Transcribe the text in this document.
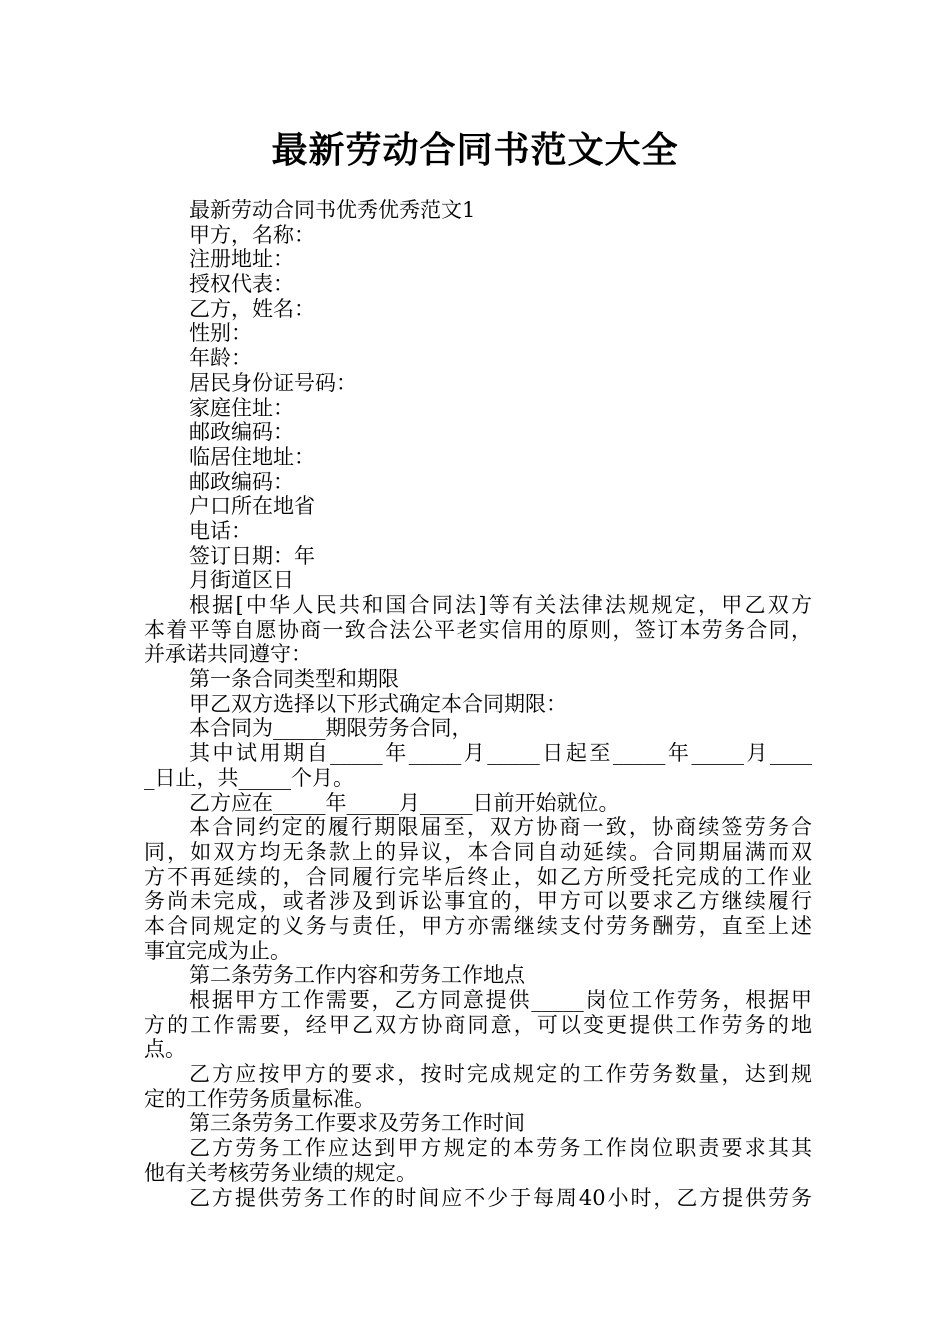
最新劳动合同书范文大全

最新劳动合同书优秀优秀范文1

甲方，名称：

注册地址：

授权代表：

乙方，姓名：

性别：

年龄：

居民身份证号码：

家庭住址：

邮政编码：

临居住地址：

邮政编码：

户口所在地省

电话：

签订日期：年

月街道区日

根据[中华人民共和国合同法]等有关法律法规规定，甲乙双方

本着平等自愿协商一致合法公平老实信用的原则，签订本劳务合同，

并承诺共同遵守：

第一条合同类型和期限

甲乙双方选择以下形式确定本合同期限：

本合同为_____期限劳务合同，

其中试用期自_____年_____月_____日起至_____年_____月____

_日止，共_____个月。

乙方应在_____年_____月_____日前开始就位。

本合同约定的履行期限届至，双方协商一致，协商续签劳务合

同，如双方均无条款上的异议，本合同自动延续。合同期届满而双

方不再延续的，合同履行完毕后终止，如乙方所受托完成的工作业

务尚未完成，或者涉及到诉讼事宜的，甲方可以要求乙方继续履行

本合同规定的义务与责任，甲方亦需继续支付劳务酬劳，直至上述

事宜完成为止。

第二条劳务工作内容和劳务工作地点

根据甲方工作需要，乙方同意提供_____岗位工作劳务，根据甲

方的工作需要，经甲乙双方协商同意，可以变更提供工作劳务的地

点。

乙方应按甲方的要求，按时完成规定的工作劳务数量，达到规

定的工作劳务质量标准。

第三条劳务工作要求及劳务工作时间

乙方劳务工作应达到甲方规定的本劳务工作岗位职责要求其其

他有关考核劳务业绩的规定。

乙方提供劳务工作的时间应不少于每周40小时，乙方提供劳务
